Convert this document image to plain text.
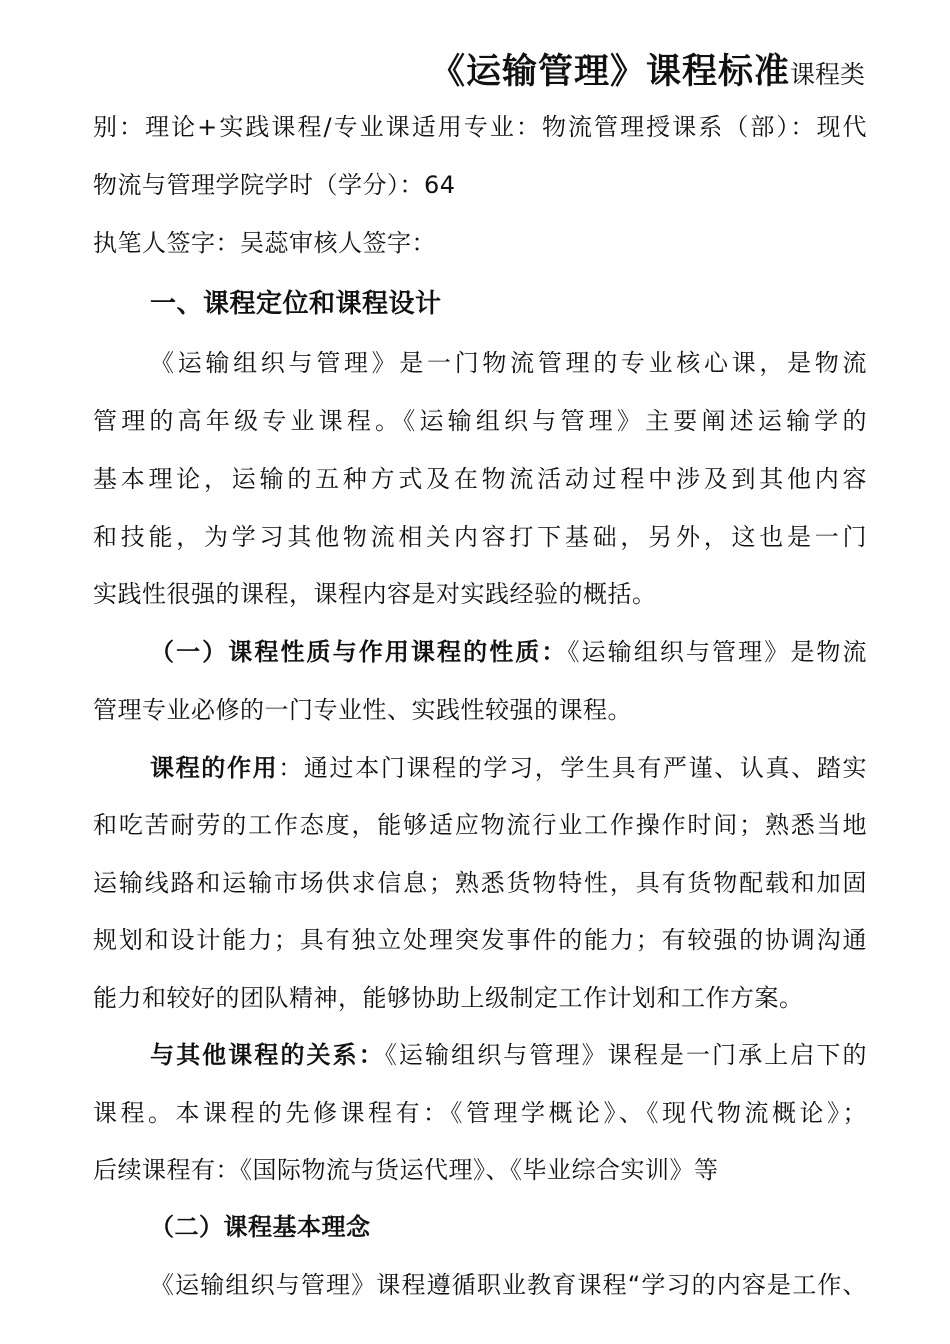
《运输管理》课程标准课程类
别：理论+实践课程/专业课适用专业：物流管理授课系（部）：现代
物流与管理学院学时（学分）：64
执笔人签字：吴蕊审核人签字：
一、课程定位和课程设计
《运输组织与管理》是一门物流管理的专业核心课，是物流
管理的高年级专业课程。《运输组织与管理》主要阐述运输学的
基本理论，运输的五种方式及在物流活动过程中涉及到其他内容
和技能，为学习其他物流相关内容打下基础，另外，这也是一门
实践性很强的课程，课程内容是对实践经验的概括。
（一）课程性质与作用课程的性质：《运输组织与管理》是物流
管理专业必修的一门专业性、实践性较强的课程。
课程的作用：通过本门课程的学习，学生具有严谨、认真、踏实
和吃苦耐劳的工作态度，能够适应物流行业工作操作时间；熟悉当地
运输线路和运输市场供求信息；熟悉货物特性，具有货物配载和加固
规划和设计能力；具有独立处理突发事件的能力；有较强的协调沟通
能力和较好的团队精神，能够协助上级制定工作计划和工作方案。
与其他课程的关系：《运输组织与管理》课程是一门承上启下的
课程。本课程的先修课程有：《管理学概论》、《现代物流概论》；
后续课程有：《国际物流与货运代理》、《毕业综合实训》等
（二）课程基本理念
《运输组织与管理》课程遵循职业教育课程“学习的内容是工作、
